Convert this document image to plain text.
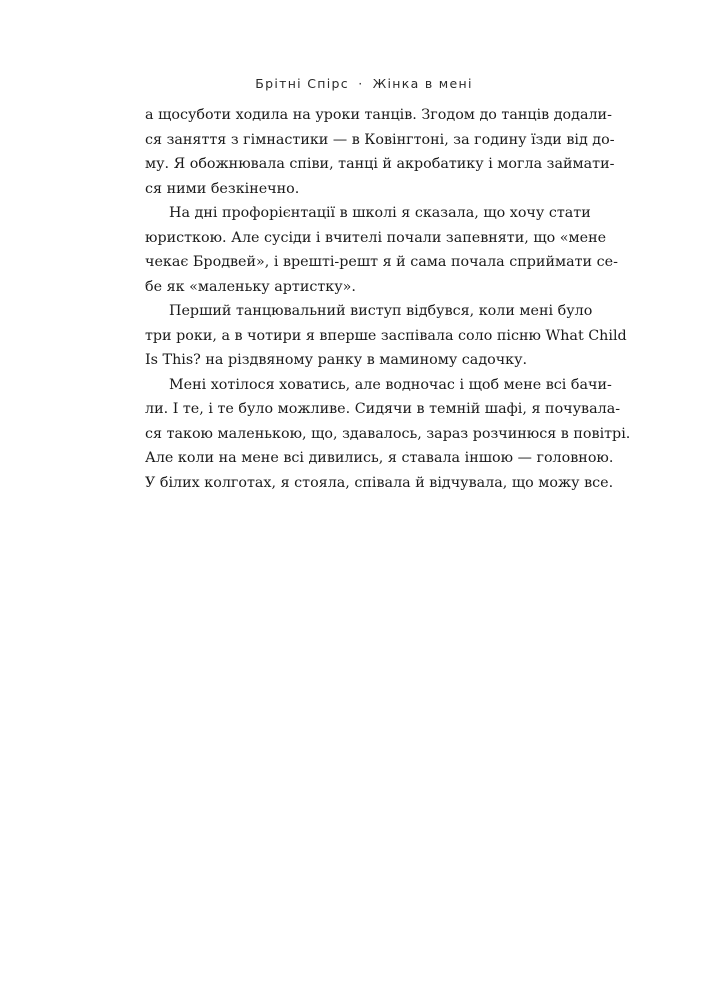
Брітні Спірс · Жінка в мені
а щосуботи ходила на уроки танців. Згодом до танців додали-
ся заняття з гімнастики — в Ковінгтоні, за годину їзди від до-
му. Я обожнювала співи, танці й акробатику і могла займати-
ся ними безкінечно.
На дні профорієнтації в школі я сказала, що хочу стати
юристкою. Але сусіди і вчителі почали запевняти, що «мене
чекає Бродвей», і врешті-решт я й сама почала сприймати се-
бе як «маленьку артистку».
Перший танцювальний виступ відбувся, коли мені було
три роки, а в чотири я вперше заспівала соло пісню What Child
Is This? на різдвяному ранку в маминому садочку.
Мені хотілося ховатись, але водночас і щоб мене всі бачи-
ли. І те, і те було можливе. Сидячи в темній шафі, я почувала-
ся такою маленькою, що, здавалось, зараз розчинюся в повітрі.
Але коли на мене всі дивились, я ставала іншою — головною.
У білих колготах, я стояла, співала й відчувала, що можу все.
